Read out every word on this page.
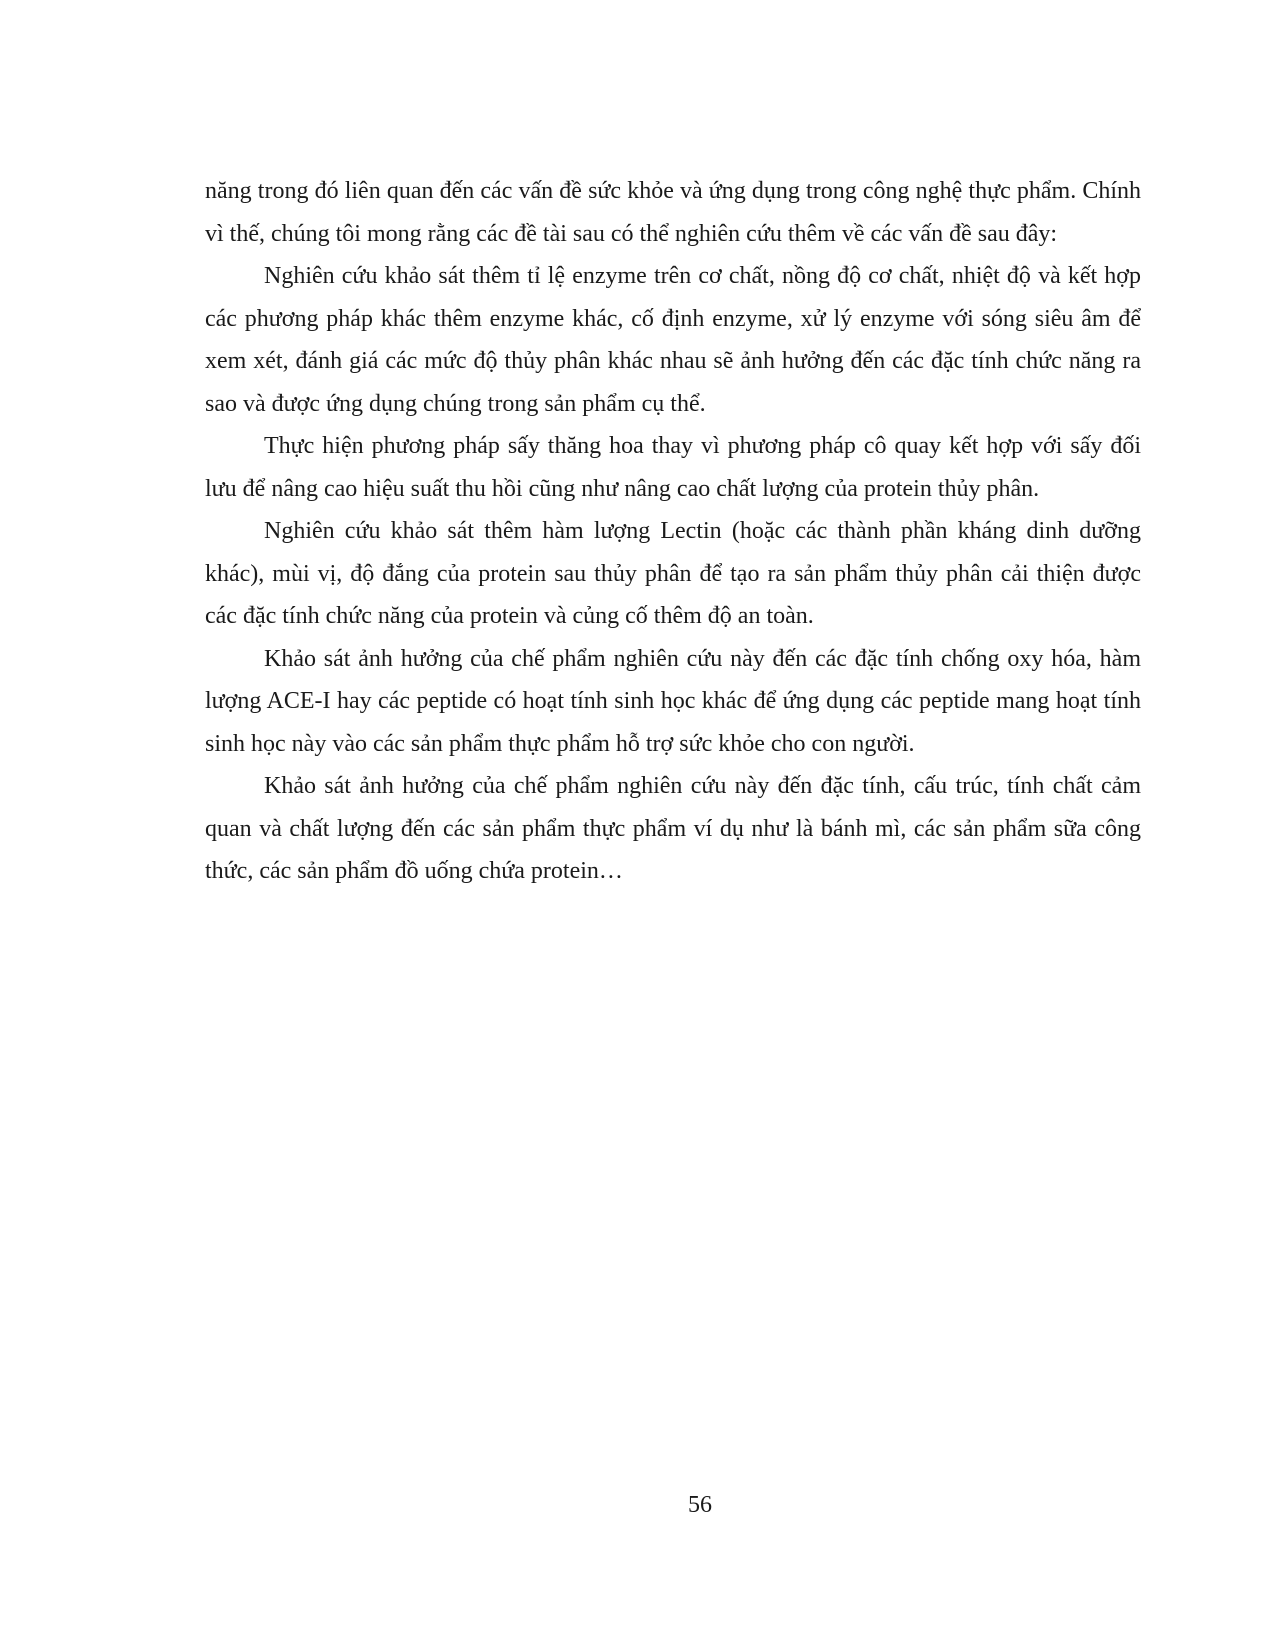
năng trong đó liên quan đến các vấn đề sức khỏe và ứng dụng trong công nghệ thực phẩm. Chính vì thế, chúng tôi mong rằng các đề tài sau có thể nghiên cứu thêm về các vấn đề sau đây:

Nghiên cứu khảo sát thêm tỉ lệ enzyme trên cơ chất, nồng độ cơ chất, nhiệt độ và kết hợp các phương pháp khác thêm enzyme khác, cố định enzyme, xử lý enzyme với sóng siêu âm để xem xét, đánh giá các mức độ thủy phân khác nhau sẽ ảnh hưởng đến các đặc tính chức năng ra sao và được ứng dụng chúng trong sản phẩm cụ thể.

Thực hiện phương pháp sấy thăng hoa thay vì phương pháp cô quay kết hợp với sấy đối lưu để nâng cao hiệu suất thu hồi cũng như nâng cao chất lượng của protein thủy phân.

Nghiên cứu khảo sát thêm hàm lượng Lectin (hoặc các thành phần kháng dinh dưỡng khác), mùi vị, độ đắng của protein sau thủy phân để tạo ra sản phẩm thủy phân cải thiện được các đặc tính chức năng của protein và củng cố thêm độ an toàn.

Khảo sát ảnh hưởng của chế phẩm nghiên cứu này đến các đặc tính chống oxy hóa, hàm lượng ACE-I hay các peptide có hoạt tính sinh học khác để ứng dụng các peptide mang hoạt tính sinh học này vào các sản phẩm thực phẩm hỗ trợ sức khỏe cho con người.

Khảo sát ảnh hưởng của chế phẩm nghiên cứu này đến đặc tính, cấu trúc, tính chất cảm quan và chất lượng đến các sản phẩm thực phẩm ví dụ như là bánh mì, các sản phẩm sữa công thức, các sản phẩm đồ uống chứa protein…

56
